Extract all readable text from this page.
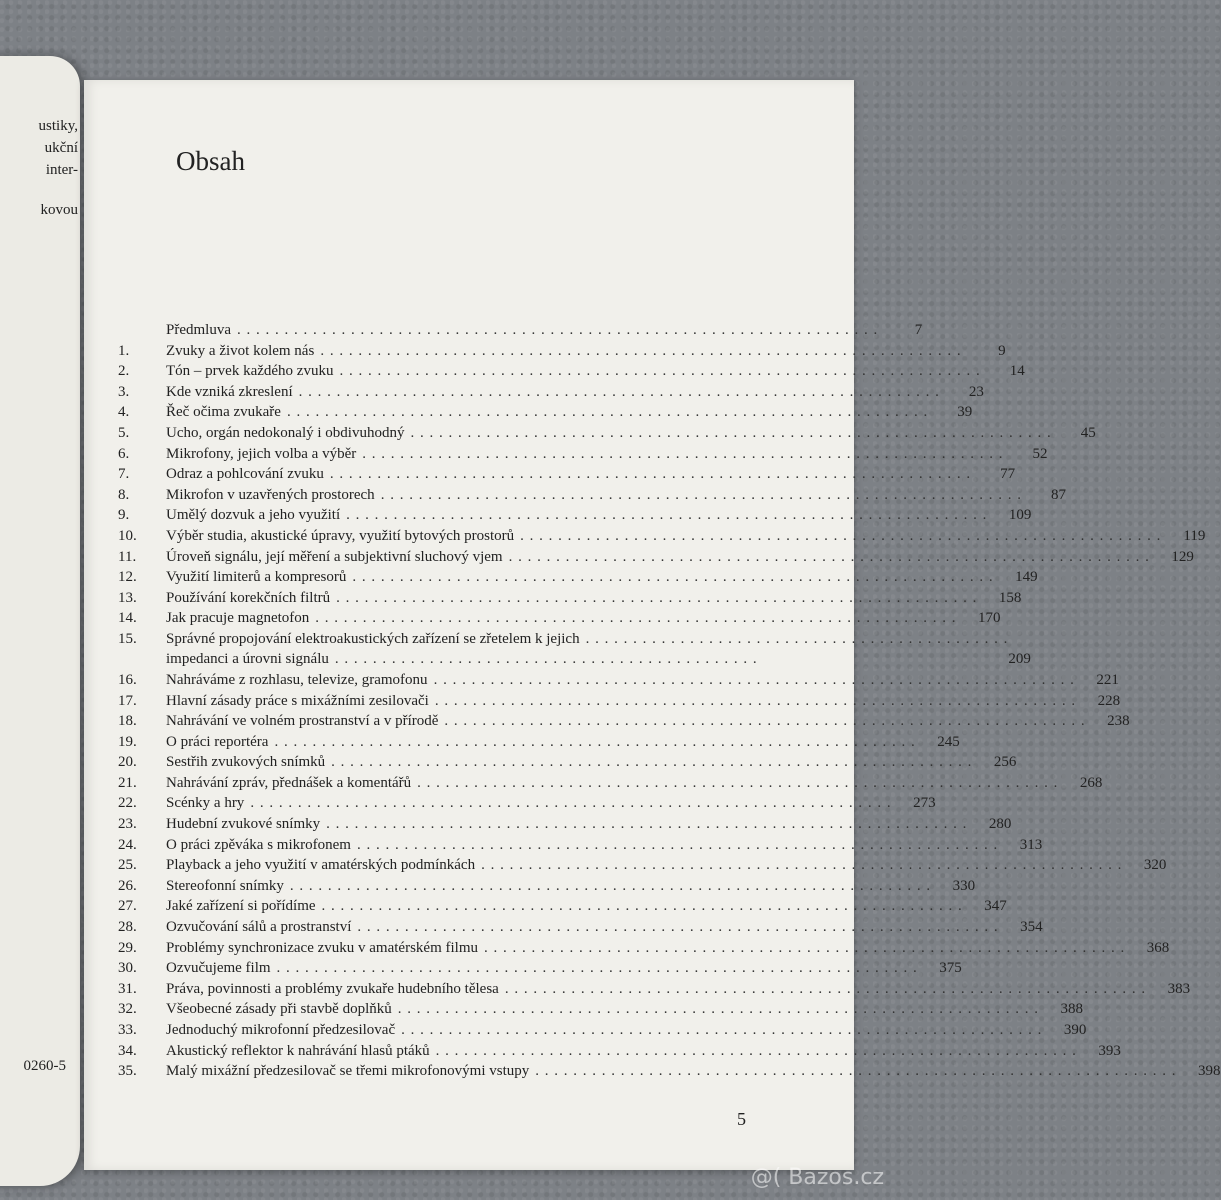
ustiky,
ukční
inter-
kovou
0260-5
Obsah
Předmluva . . .	7
1.	Zvuky a život kolem nás . . .	9
2.	Tón – prvek každého zvuku . . .	14
3.	Kde vzniká zkreslení . . .	23
4.	Řeč očima zvukaře . . .	39
5.	Ucho, orgán nedokonalý i obdivuhodný . . .	45
6.	Mikrofony, jejich volba a výběr . . .	52
7.	Odraz a pohlcování zvuku . . .	77
8.	Mikrofon v uzavřených prostorech . . .	87
9.	Umělý dozvuk a jeho využití . . .	109
10.	Výběr studia, akustické úpravy, využití bytových prostorů . . .	119
11.	Úroveň signálu, její měření a subjektivní sluchový vjem . . .	129
12.	Využití limiterů a kompresorů . . .	149
13.	Používání korekčních filtrů . . .	158
14.	Jak pracuje magnetofon . . .	170
15.	Správné propojování elektroakustických zařízení se zřetelem k jejich . . .
impedanci a úrovni signálu . . .	209
16.	Nahráváme z rozhlasu, televize, gramofonu . . .	221
17.	Hlavní zásady práce s mixážními zesilovači . . .	228
18.	Nahrávání ve volném prostranství a v přírodě . . .	238
19.	O práci reportéra . . .	245
20.	Sestřih zvukových snímků . . .	256
21.	Nahrávání zpráv, přednášek a komentářů . . .	268
22.	Scénky a hry . . .	273
23.	Hudební zvukové snímky . . .	280
24.	O práci zpěváka s mikrofonem . . .	313
25.	Playback a jeho využití v amatérských podmínkách . . .	320
26.	Stereofonní snímky . . .	330
27.	Jaké zařízení si pořídíme . . .	347
28.	Ozvučování sálů a prostranství . . .	354
29.	Problémy synchronizace zvuku v amatérském filmu . . .	368
30.	Ozvučujeme film . . .	375
31.	Práva, povinnosti a problémy zvukaře hudebního tělesa . . .	383
32.	Všeobecné zásady při stavbě doplňků . . .	388
33.	Jednoduchý mikrofonní předzesilovač . . .	390
34.	Akustický reflektor k nahrávání hlasů ptáků . . .	393
35.	Malý mixážní předzesilovač se třemi mikrofonovými vstupy . . .	398
5
@( Bazos.cz
